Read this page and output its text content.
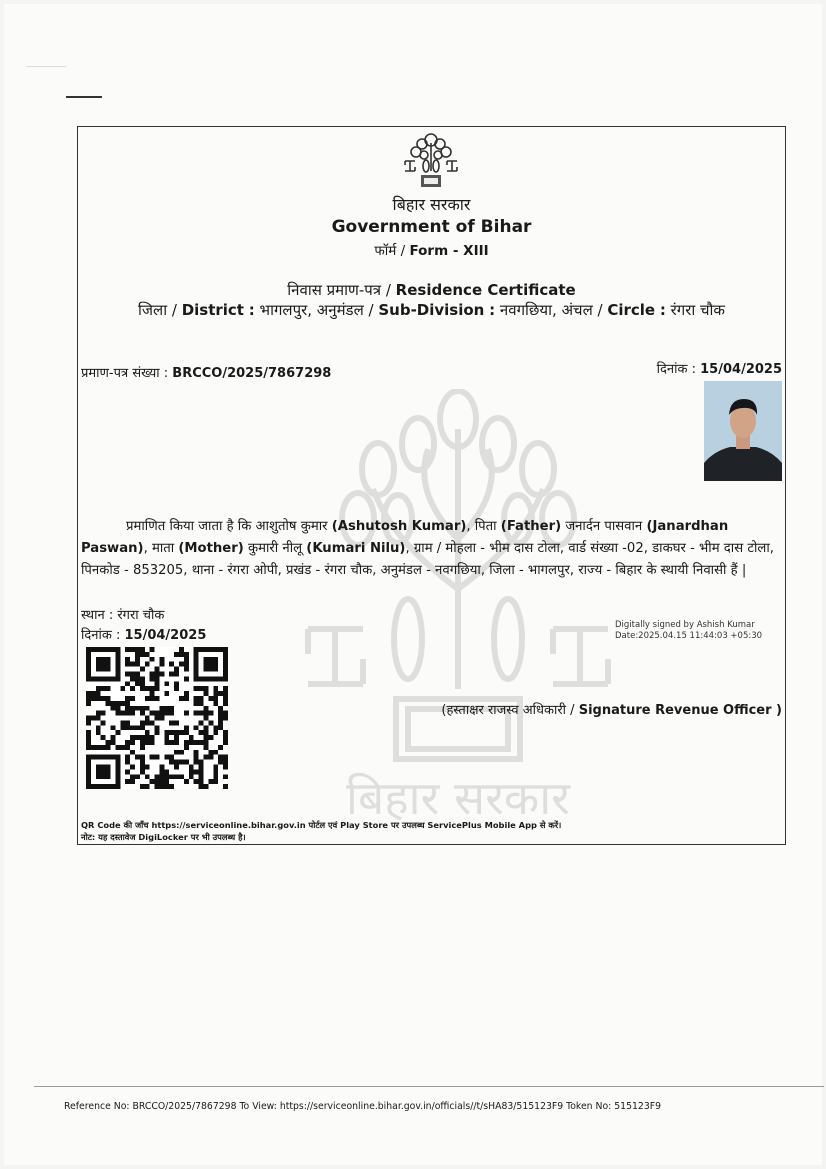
बिहार सरकार
बिहार सरकार
Government of Bihar
फॉर्म / Form - XIII
निवास प्रमाण-पत्र / Residence Certificate
जिला / District : भागलपुर, अनुमंडल / Sub-Division : नवगछिया, अंचल / Circle : रंगरा चौक
प्रमाण-पत्र संख्या : BRCCO/2025/7867298	दिनांक : 15/04/2025
प्रमाणित किया जाता है कि आशुतोष कुमार (Ashutosh Kumar), पिता (Father) जनार्दन पासवान (Janardhan Paswan), माता (Mother) कुमारी नीलू (Kumari Nilu), ग्राम / मोहला - भीम दास टोला, वार्ड संख्या -02, डाकघर - भीम दास टोला, पिनकोड - 853205, थाना - रंगरा ओपी, प्रखंड - रंगरा चौक, अनुमंडल - नवगछिया, जिला - भागलपुर, राज्य - बिहार के स्थायी निवासी हैं |
स्थान : रंगरा चौक
दिनांक : 15/04/2025
Digitally signed by Ashish Kumar
Date:2025.04.15 11:44:03 +05:30
(हस्ताक्षर राजस्व अधिकारी / Signature Revenue Officer )
QR Code की जाँच https://serviceonline.bihar.gov.in पोर्टल एवं Play Store पर उपलब्ध ServicePlus Mobile App से करें।
नोट: यह दस्तावेज DigiLocker पर भी उपलब्ध है।
Reference No: BRCCO/2025/7867298 To View: https://serviceonline.bihar.gov.in/officials//t/sHA83/515123F9 Token No: 515123F9
